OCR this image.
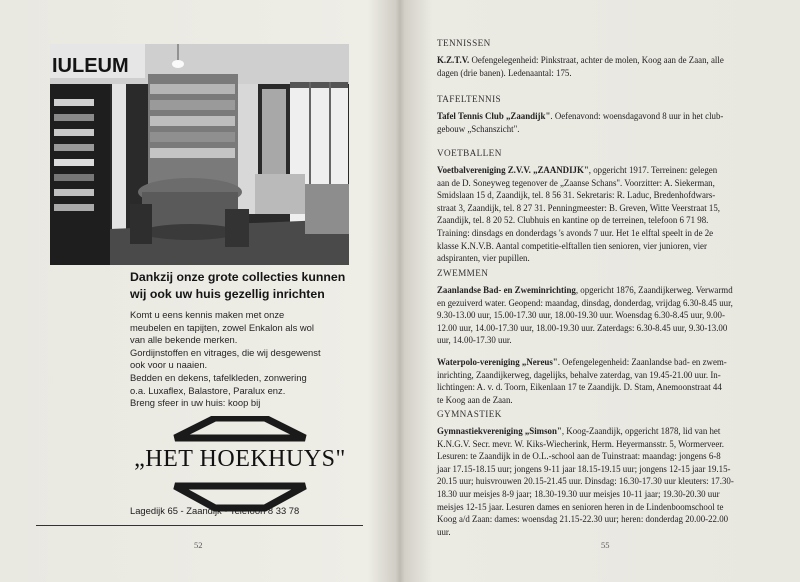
IULEUM
Dankzij onze grote collecties kunnen
wij ook uw huis gezellig inrichten
Komt u eens kennis maken met onze
meubelen en tapijten, zowel Enkalon als wol
van alle bekende merken.
Gordijnstoffen en vitrages, die wij desgewenst
ook voor u naaien.
Bedden en dekens, tafelkleden, zonwering
o.a. Luxaflex, Balastore, Paralux enz.
Breng sfeer in uw huis: koop bij
„HET HOEKHUYS"
Lagedijk 65 - Zaandijk - Telefoon 8 33 78
52
TENNISSEN
K.Z.T.V. Oefengelegenheid: Pinkstraat, achter de molen, Koog aan de Zaan, alle
dagen (drie banen). Ledenaantal: 175.
TAFELTENNIS
Tafel Tennis Club „Zaandijk". Oefenavond: woensdagavond 8 uur in het club-
gebouw „Schanszicht".
VOETBALLEN
Voetbalvereniging Z.V.V. „ZAANDIJK", opgericht 1917. Terreinen: gelegen
aan de D. Soneyweg tegenover de „Zaanse Schans". Voorzitter: A. Siekerman,
Smidslaan 15 d, Zaandijk, tel. 8 56 31. Sekretaris: R. Laduc, Bredenhofdwars-
straat 3, Zaandijk, tel. 8 27 31. Penningmeester: B. Greven, Witte Veerstraat 15,
Zaandijk, tel. 8 20 52. Clubhuis en kantine op de terreinen, telefoon 6 71 98.
Training: dinsdags en donderdags 's avonds 7 uur. Het 1e elftal speelt in de 2e
klasse K.N.V.B. Aantal competitie-elftallen tien senioren, vier junioren, vier
adspiranten, vier pupillen.
ZWEMMEN
Zaanlandse Bad- en Zweminrichting, opgericht 1876, Zaandijkerweg. Verwarmd
en gezuiverd water. Geopend: maandag, dinsdag, donderdag, vrijdag 6.30-8.45 uur,
9.30-13.00 uur, 15.00-17.30 uur, 18.00-19.30 uur. Woensdag 6.30-8.45 uur, 9.00-
12.00 uur, 14.00-17.30 uur, 18.00-19.30 uur. Zaterdags: 6.30-8.45 uur, 9.30-13.00
uur, 14.00-17.30 uur.
Waterpolo-vereniging „Nereus". Oefengelegenheid: Zaanlandse bad- en zwem-
inrichting, Zaandijkerweg, dagelijks, behalve zaterdag, van 19.45-21.00 uur. In-
lichtingen: A. v. d. Toorn, Eikenlaan 17 te Zaandijk. D. Stam, Anemoonstraat 44
te Koog aan de Zaan.
GYMNASTIEK
Gymnastiekvereniging „Simson", Koog-Zaandijk, opgericht 1878, lid van het
K.N.G.V. Secr. mevr. W. Kiks-Wiecherink, Herm. Heyermansstr. 5, Wormerveer.
Lesuren: te Zaandijk in de O.L.-school aan de Tuinstraat: maandag: jongens 6-8
jaar 17.15-18.15 uur; jongens 9-11 jaar 18.15-19.15 uur; jongens 12-15 jaar 19.15-
20.15 uur; huisvrouwen 20.15-21.45 uur. Dinsdag: 16.30-17.30 uur kleuters: 17.30-
18.30 uur meisjes 8-9 jaar; 18.30-19.30 uur meisjes 10-11 jaar; 19.30-20.30 uur
meisjes 12-15 jaar. Lesuren dames en senioren heren in de Lindenboomschool te
Koog a/d Zaan: dames: woensdag 21.15-22.30 uur; heren: donderdag 20.00-22.00
uur.
55
